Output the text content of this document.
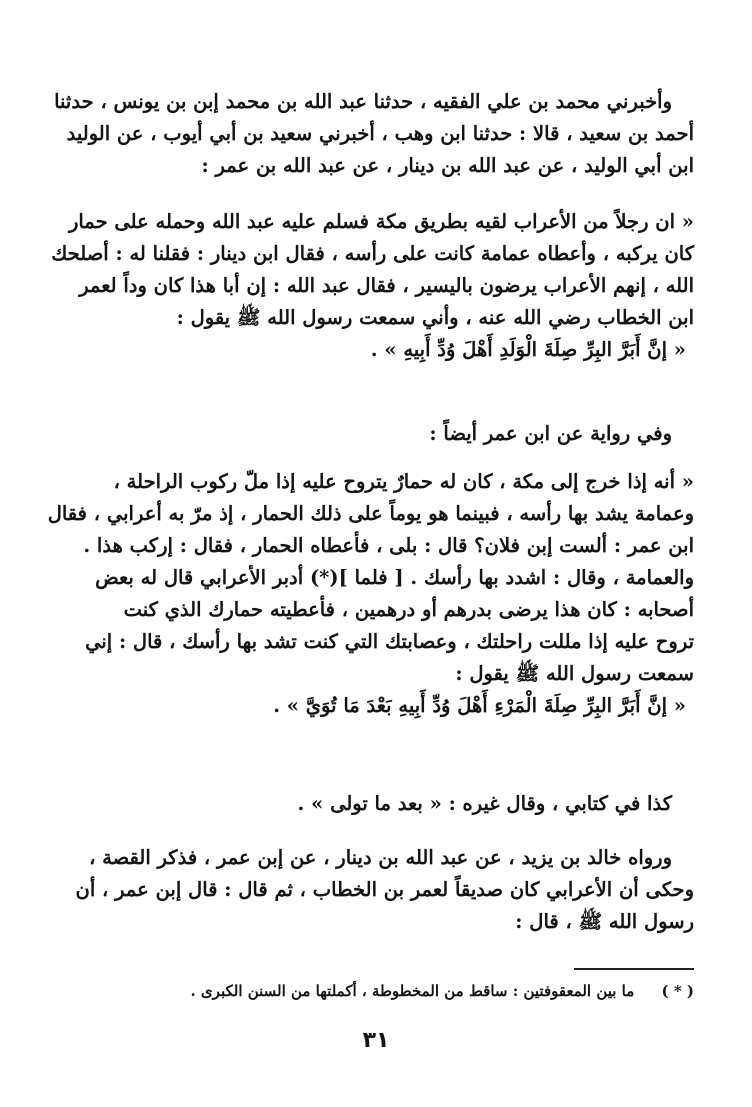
وأخبرني محمد بن علي الفقيه ، حدثنا عبد الله بن محمد إبن بن يونس ، حدثنا
أحمد بن سعيد ، قالا : حدثنا ابن وهب ، أخبرني سعيد بن أبي أيوب ، عن الوليد
ابن أبي الوليد ، عن عبد الله بن دينار ، عن عبد الله بن عمر :
« ان رجلاً من الأعراب لقيه بطريق مكة فسلم عليه عبد الله وحمله على حمار
كان يركبه ، وأعطاه عمامة كانت على رأسه ، فقال ابن دينار : فقلنا له : أصلحك
الله ، إنهم الأعراب يرضون باليسير ، فقال عبد الله : إن أبا هذا كان وداً لعمر
ابن الخطاب رضي الله عنه ، وأني سمعت رسول الله ﷺ يقول :
« إنَّ أَبَرَّ البِرِّ صِلَةَ الْوَلَدِ أَهْلَ وُدِّ أَبِيهِ » .
وفي رواية عن ابن عمر أيضاً :
« أنه إذا خرج إلى مكة ، كان له حمارٌ يتروح عليه إذا ملّ ركوب الراحلة ،
وعمامة يشد بها رأسه ، فبينما هو يوماً على ذلك الحمار ، إذ مرّ به أعرابي ، فقال
ابن عمر : ألست إبن فلان؟ قال : بلى ، فأعطاه الحمار ، فقال : إركب هذا .
والعمامة ، وقال : اشدد بها رأسك . [ فلما ](*) أدبر الأعرابي قال له بعض
أصحابه : كان هذا يرضى بدرهم أو درهمين ، فأعطيته حمارك الذي كنت
تروح عليه إذا مللت راحلتك ، وعصابتك التي كنت تشد بها رأسك ، قال : إني
سمعت رسول الله ﷺ يقول :
« إنَّ أَبَرَّ البِرِّ صِلَةَ الْمَرْءِ أَهْلَ وُدِّ أَبِيهِ بَعْدَ مَا تُوَيَّ » .
كذا في كتابي ، وقال غيره : « بعد ما تولى » .
ورواه خالد بن يزيد ، عن عبد الله بن دينار ، عن إبن عمر ، فذكر القصة ،
وحكى أن الأعرابي كان صديقاً لعمر بن الخطاب ، ثم قال : قال إبن عمر ، أن
رسول الله ﷺ ، قال :
( * ) ما بين المعقوفتين : ساقط من المخطوطة ، أكملتها من السنن الكبرى .
٣١
